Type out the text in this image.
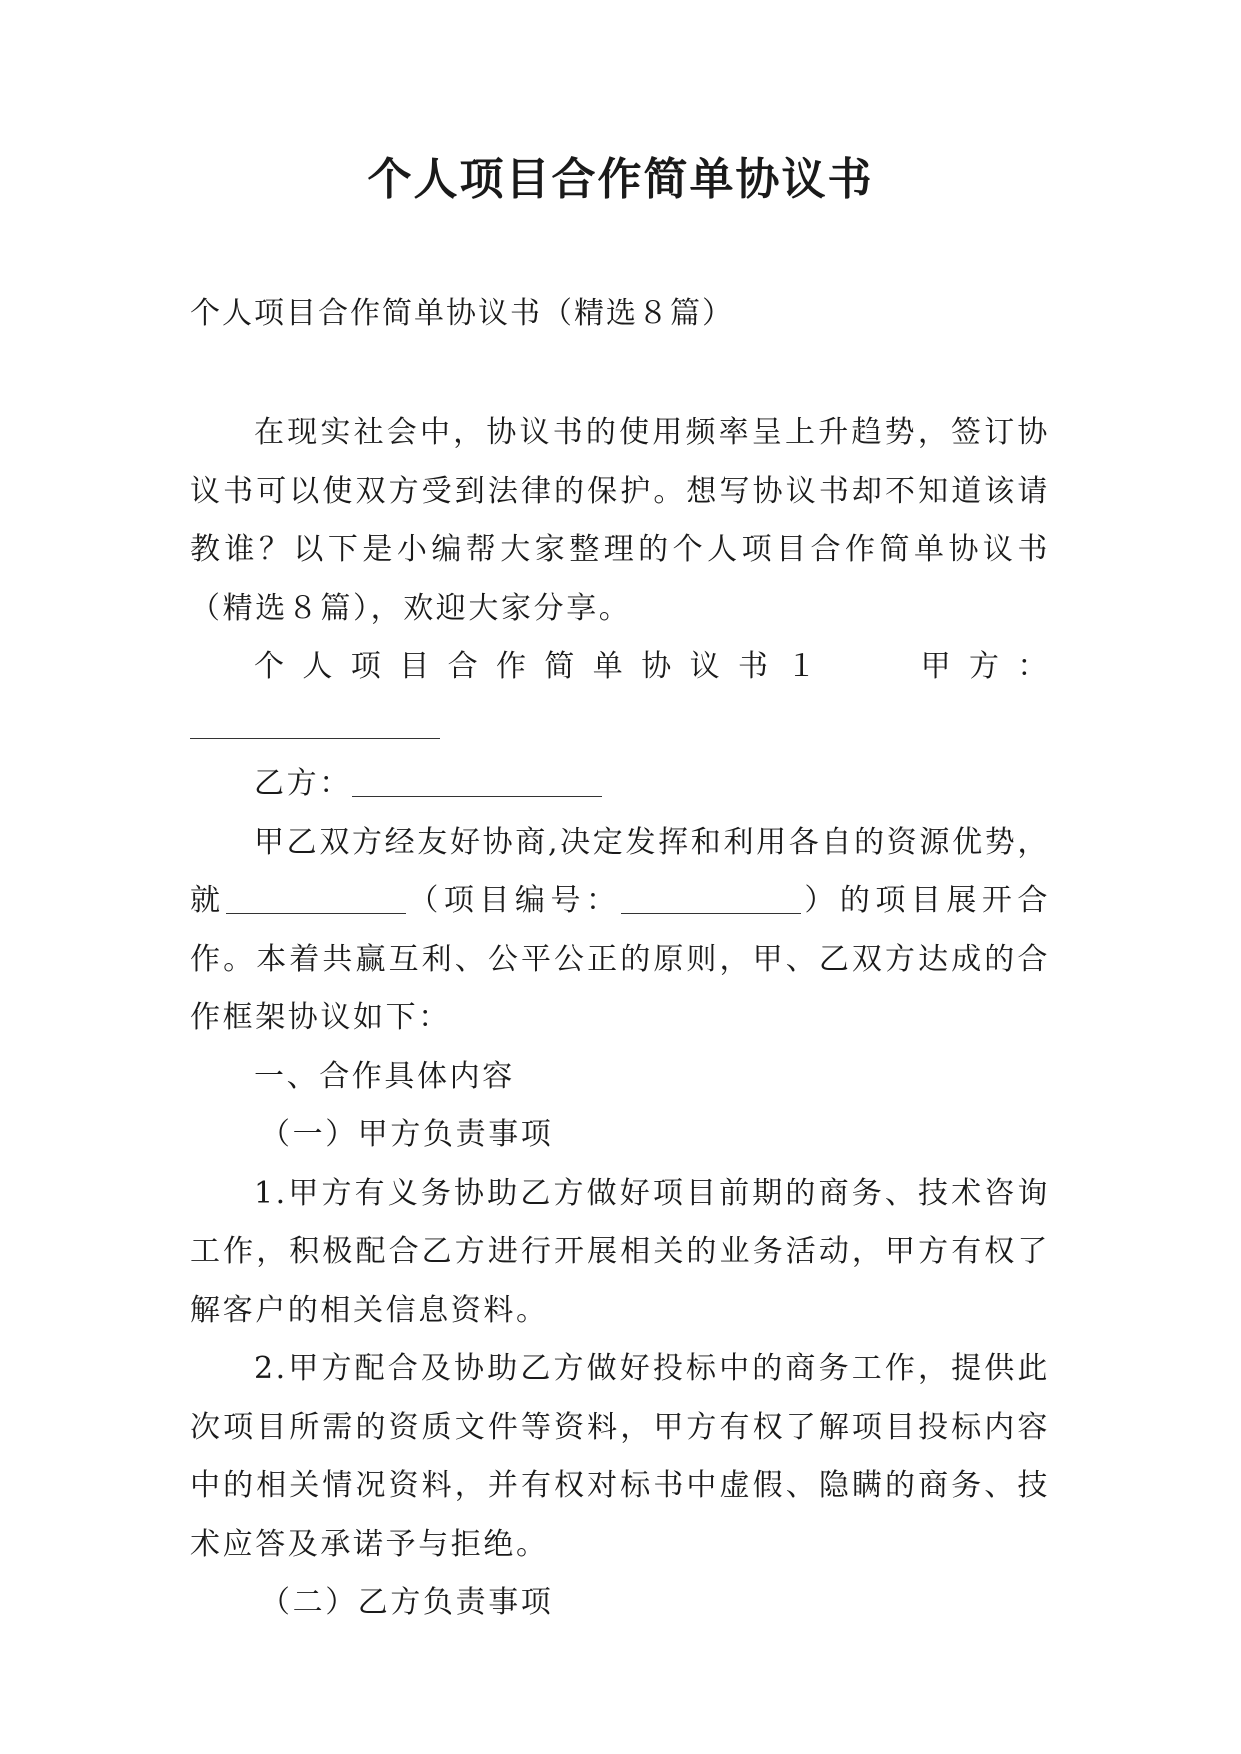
个人项目合作简单协议书
个人项目合作简单协议书（精选８篇）

在现实社会中，协议书的使用频率呈上升趋势，签订协议书可以使双方受到法律的保护。想写协议书却不知道该请教谁？以下是小编帮大家整理的个人项目合作简单协议书（精选８篇），欢迎大家分享。

个人项目合作简单协议书１ 甲方：

乙方：

甲乙双方经友好协商,决定发挥和利用各自的资源优势，就	（项目编号：	）的项目展开合作。本着共赢互利、公平公正的原则，甲、乙双方达成的合作框架协议如下：

一、合作具体内容

（一）甲方负责事项

1.甲方有义务协助乙方做好项目前期的商务、技术咨询工作，积极配合乙方进行开展相关的业务活动，甲方有权了解客户的相关信息资料。

2.甲方配合及协助乙方做好投标中的商务工作，提供此次项目所需的资质文件等资料，甲方有权了解项目投标内容中的相关情况资料，并有权对标书中虚假、隐瞒的商务、技术应答及承诺予与拒绝。

（二）乙方负责事项
